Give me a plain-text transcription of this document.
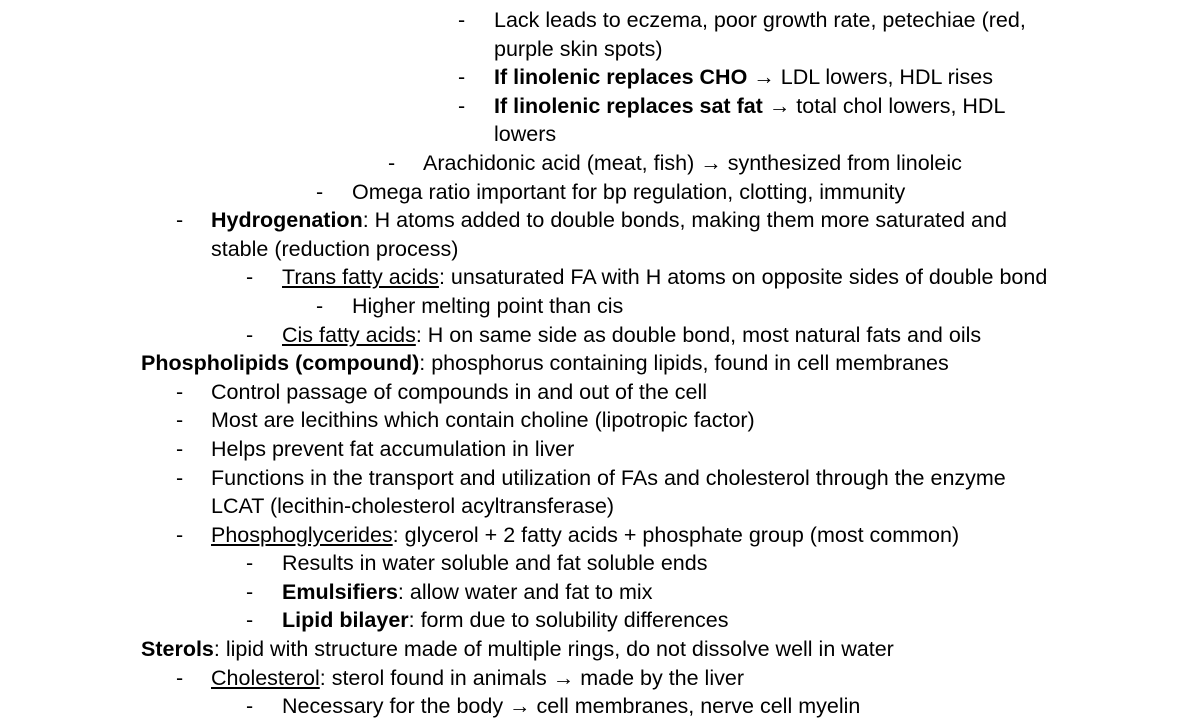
-	Lack leads to eczema, poor growth rate, petechiae (red,
purple skin spots)
-	If linolenic replaces CHO → LDL lowers, HDL rises
-	If linolenic replaces sat fat → total chol lowers, HDL
lowers
-	Arachidonic acid (meat, fish) → synthesized from linoleic
-	Omega ratio important for bp regulation, clotting, immunity
-	Hydrogenation: H atoms added to double bonds, making them more saturated and
stable (reduction process)
-	Trans fatty acids: unsaturated FA with H atoms on opposite sides of double bond
-	Higher melting point than cis
-	Cis fatty acids: H on same side as double bond, most natural fats and oils
Phospholipids (compound): phosphorus containing lipids, found in cell membranes
-	Control passage of compounds in and out of the cell
-	Most are lecithins which contain choline (lipotropic factor)
-	Helps prevent fat accumulation in liver
-	Functions in the transport and utilization of FAs and cholesterol through the enzyme
LCAT (lecithin-cholesterol acyltransferase)
-	Phosphoglycerides: glycerol + 2 fatty acids + phosphate group (most common)
-	Results in water soluble and fat soluble ends
-	Emulsifiers: allow water and fat to mix
-	Lipid bilayer: form due to solubility differences
Sterols: lipid with structure made of multiple rings, do not dissolve well in water
-	Cholesterol: sterol found in animals → made by the liver
-	Necessary for the body → cell membranes, nerve cell myelin
